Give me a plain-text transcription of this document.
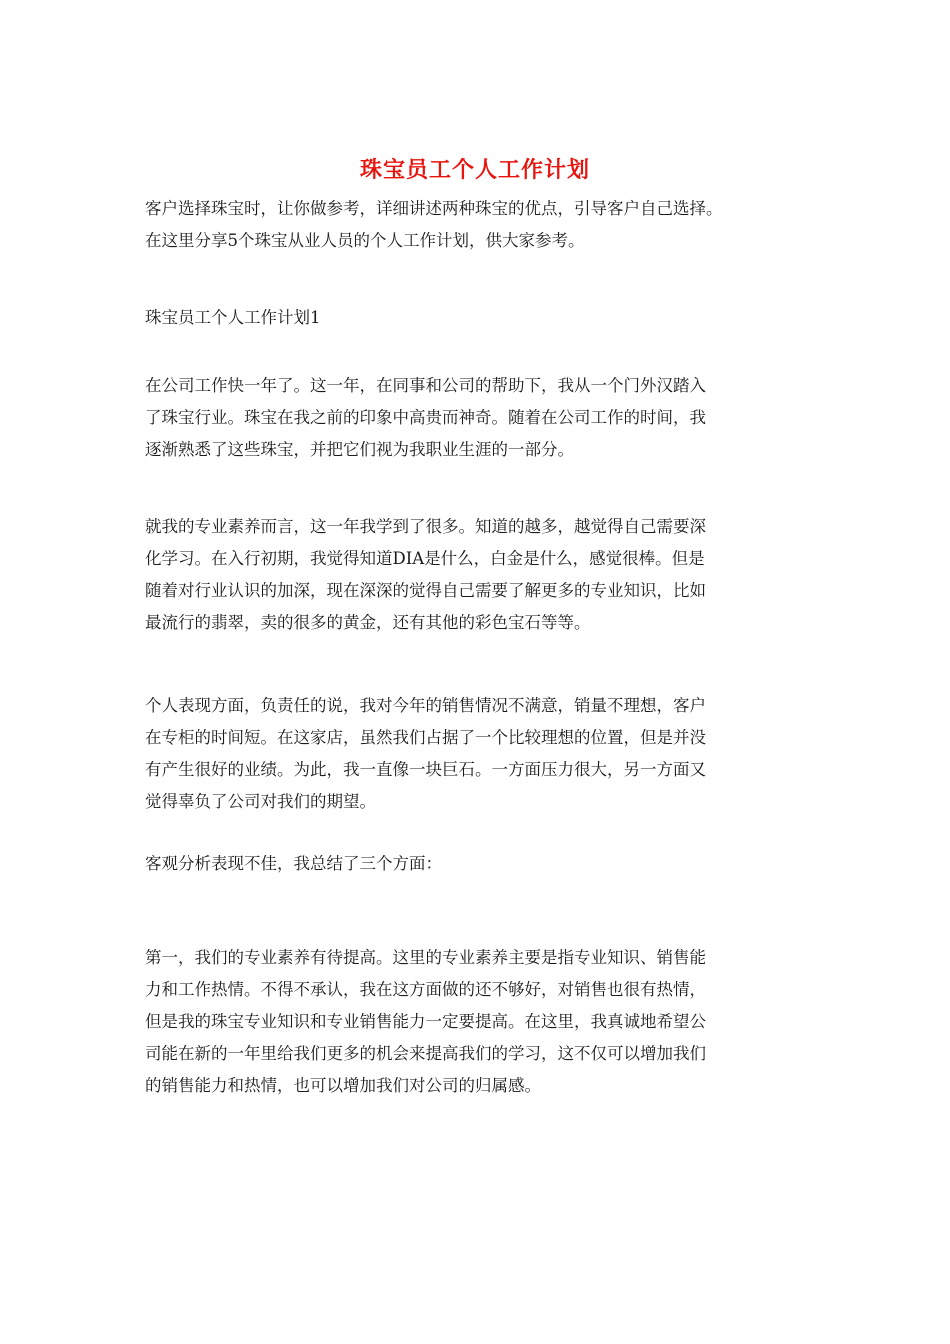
珠宝员工个人工作计划

客户选择珠宝时，让你做参考，详细讲述两种珠宝的优点，引导客户自己选择。
在这里分享5个珠宝从业人员的个人工作计划，供大家参考。

珠宝员工个人工作计划1

在公司工作快一年了。这一年，在同事和公司的帮助下，我从一个门外汉踏入
了珠宝行业。珠宝在我之前的印象中高贵而神奇。随着在公司工作的时间，我
逐渐熟悉了这些珠宝，并把它们视为我职业生涯的一部分。

就我的专业素养而言，这一年我学到了很多。知道的越多，越觉得自己需要深
化学习。在入行初期，我觉得知道DIA是什么，白金是什么，感觉很棒。但是
随着对行业认识的加深，现在深深的觉得自己需要了解更多的专业知识，比如
最流行的翡翠，卖的很多的黄金，还有其他的彩色宝石等等。

个人表现方面，负责任的说，我对今年的销售情况不满意，销量不理想，客户
在专柜的时间短。在这家店，虽然我们占据了一个比较理想的位置，但是并没
有产生很好的业绩。为此，我一直像一块巨石。一方面压力很大，另一方面又
觉得辜负了公司对我们的期望。

客观分析表现不佳，我总结了三个方面：

第一，我们的专业素养有待提高。这里的专业素养主要是指专业知识、销售能
力和工作热情。不得不承认，我在这方面做的还不够好，对销售也很有热情，
但是我的珠宝专业知识和专业销售能力一定要提高。在这里，我真诚地希望公
司能在新的一年里给我们更多的机会来提高我们的学习，这不仅可以增加我们
的销售能力和热情，也可以增加我们对公司的归属感。
